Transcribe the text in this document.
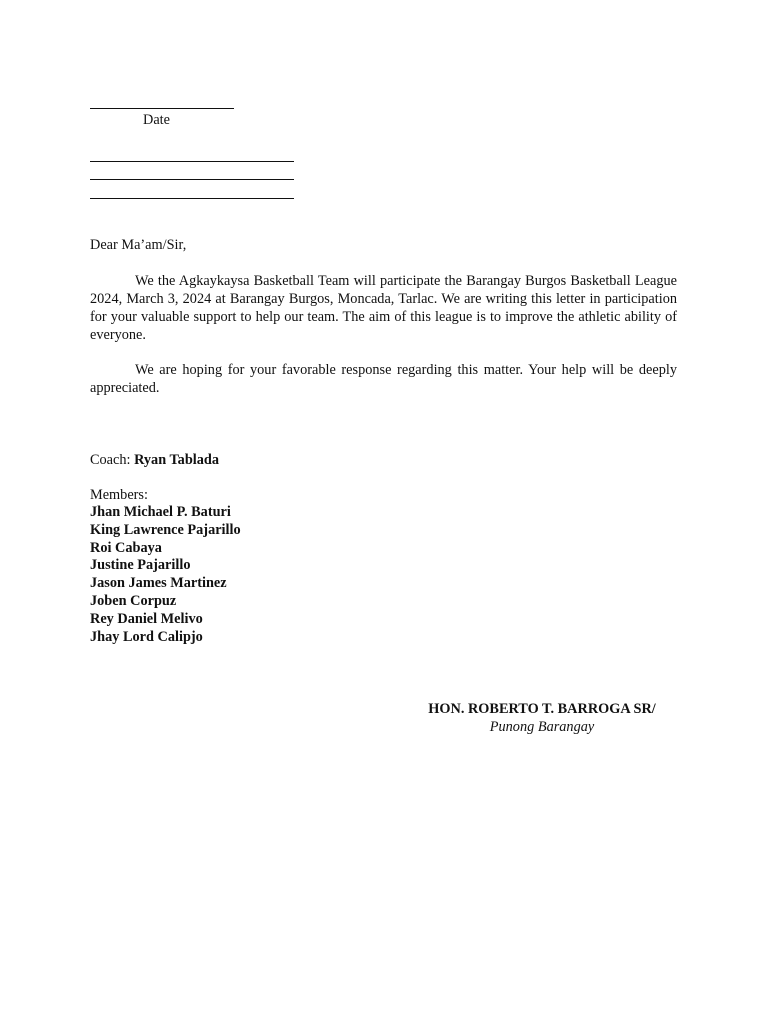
Date
Dear Ma’am/Sir,

We the Agkaykaysa Basketball Team will participate the Barangay Burgos Basketball League 2024, March 3, 2024 at Barangay Burgos, Moncada, Tarlac. We are writing this letter in participation for your valuable support to help our team. The aim of this league is to improve the athletic ability of everyone.

We are hoping for your favorable response regarding this matter. Your help will be deeply appreciated.

Coach: Ryan Tablada
Members:
Jhan Michael P. Baturi
King Lawrence Pajarillo
Roi Cabaya
Justine Pajarillo
Jason James Martinez
Joben Corpuz
Rey Daniel Melivo
Jhay Lord Calipjo
HON. ROBERTO T. BARROGA SR/
Punong Barangay
